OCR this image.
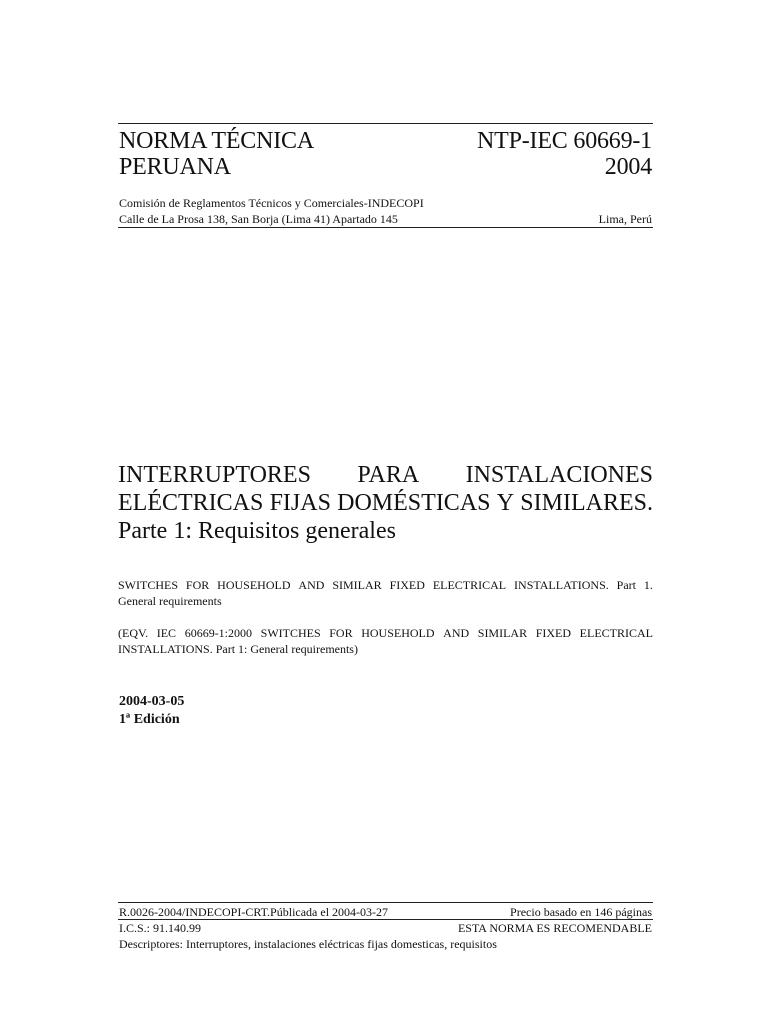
NORMA TÉCNICA
PERUANA
NTP-IEC 60669-1
2004
Comisión de Reglamentos Técnicos y Comerciales-INDECOPI
Calle de La Prosa 138, San Borja (Lima 41) Apartado 145	Lima, Perú
INTERRUPTORES PARA INSTALACIONES
ELÉCTRICAS FIJAS DOMÉSTICAS Y SIMILARES.
Parte 1: Requisitos generales
SWITCHES FOR HOUSEHOLD AND SIMILAR FIXED ELECTRICAL INSTALLATIONS. Part 1.
General requirements
(EQV. IEC 60669-1:2000 SWITCHES FOR HOUSEHOLD AND SIMILAR FIXED ELECTRICAL
INSTALLATIONS. Part 1: General requirements)
2004-03-05
1ª Edición
R.0026-2004/INDECOPI-CRT.Públicada el 2004-03-27	Precio basado en 146 páginas
I.C.S.: 91.140.99	ESTA NORMA ES RECOMENDABLE
Descriptores: Interruptores, instalaciones eléctricas fijas domesticas, requisitos
